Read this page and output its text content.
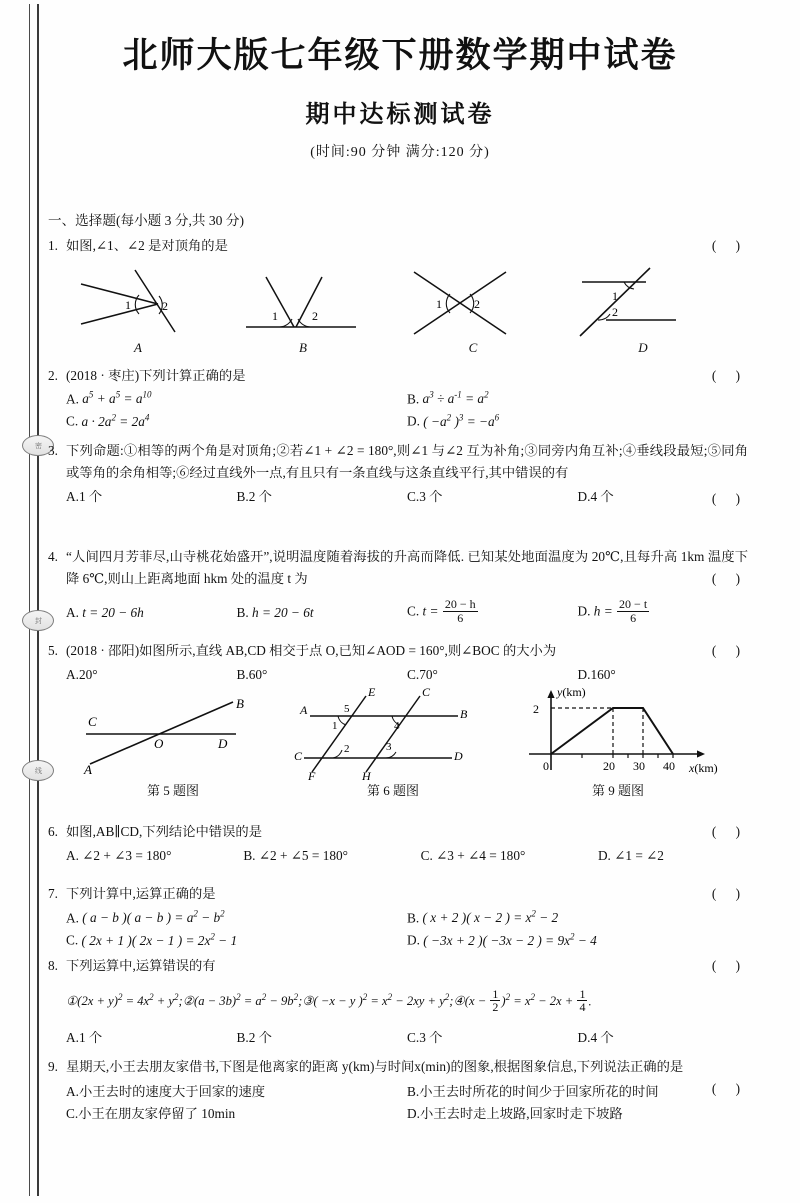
密
封
线
北师大版七年级下册数学期中试卷
期中达标测试卷
(时间:90 分钟 满分:120 分)
一、选择题(每小题 3 分,共 30 分)
( )
1. 如图,∠1、∠2 是对顶角的是
1	2
A
1	2
B
1	2
C
1
2
D
( )
2. (2018 · 枣庄)下列计算正确的是
A. $a^5 + a^5 = a^{10}$	B. $a^3 \div a^{-1} = a^2$
C. $a \cdot 2a^2 = 2a^4$	D. ( $-a^2$ )$^3 = -a^6$
3. 下列命题:①相等的两个角是对顶角;②若∠1 + ∠2 = 180°,则∠1 与∠2 互为补角;③同旁内角互补;④垂线段最短;⑤同角或等角的余角相等;⑥经过直线外一点,有且只有一条直线与这条直线平行,其中错误的有
( )
A.1 个	B.2 个	C.3 个	D.4 个
4. “人间四月芳菲尽,山寺桃花始盛开”,说明温度随着海拔的升高而降低. 已知某处地面温度为 20℃,且每升高 1km 温度下降 6℃,则山上距离地面 hkm 处的温度 t 为	( )
A. t = 20 − 6h	B. h = 20 − 6t	C. $t = \frac{20 - h}{6}$	D. $h = \frac{20 - t}{6}$
( )
5. (2018 · 邵阳)如图所示,直线 AB,CD 相交于点 O,已知∠AOD = 160°,则∠BOC 的大小为
A.20°	B.60°	C.70°	D.160°
C
B
A
D
O
第 5 题图
A	B
C	D
E	C
F	H
1
2	3
4
5
第 6 题图
2
0	20 30 40
y(km)
x(km)
第 9 题图
( )
6. 如图,AB∥CD,下列结论中错误的是
A. ∠2 + ∠3 = 180°	B. ∠2 + ∠5 = 180°	C. ∠3 + ∠4 = 180°	D. ∠1 = ∠2
( )
7. 下列计算中,运算正确的是
A. ( a − b )( a − b ) = $a^2 - b^2$	B. ( x + 2 )( x − 2 ) = $x^2 - 2$
C. ( 2x + 1 )( 2x − 1 ) = $2x^2 - 1$	D. ( −3x + 2 )( −3x − 2 ) = $9x^2 - 4$
( )
8. 下列运算中,运算错误的有
①(2x + $y)^2 = 4x^2$ + $y^2;②(a - 3b)^2 = a^2$ − $9b^2;③( -x - y$ )$^2 = x^2 - 2xy$ + $y^2;④(x - \frac{1}{2} )^2 = x^2 - 2x + \frac{1}{4}$ .
A.1 个	B.2 个	C.3 个	D.4 个
9. 星期天,小王去朋友家借书,下图是他离家的距离 y(km)与时间x(min)的图象,根据图象信息,下列说法正确的是
( )
A.小王去时的速度大于回家的速度	B.小王去时所花的时间少于回家所花的时间
C.小王在朋友家停留了 10min	D.小王去时走上坡路,回家时走下坡路
